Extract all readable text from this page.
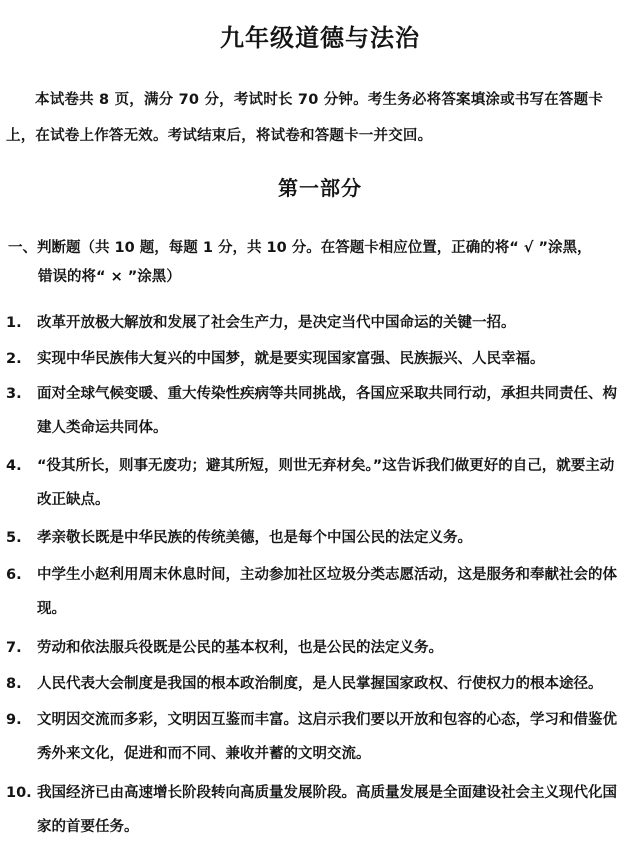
九年级道德与法治
本试卷共 8 页，满分 70 分，考试时长 70 分钟。考生务必将答案填涂或书写在答题卡上，在试卷上作答无效。考试结束后，将试卷和答题卡一并交回。
第一部分
一、判断题（共 10 题，每题 1 分，共 10 分。在答题卡相应位置，正确的将“ √ ”涂黑，
错误的将“ × ”涂黑）
1.	改革开放极大解放和发展了社会生产力，是决定当代中国命运的关键一招。
2.	实现中华民族伟大复兴的中国梦，就是要实现国家富强、民族振兴、人民幸福。
3.	面对全球气候变暖、重大传染性疾病等共同挑战，各国应采取共同行动，承担共同责任、构建人类命运共同体。
4.	“役其所长，则事无废功；避其所短，则世无弃材矣。”这告诉我们做更好的自己，就要主动改正缺点。
5.	孝亲敬长既是中华民族的传统美德，也是每个中国公民的法定义务。
6.	中学生小赵利用周末休息时间，主动参加社区垃圾分类志愿活动，这是服务和奉献社会的体现。
7.	劳动和依法服兵役既是公民的基本权利，也是公民的法定义务。
8.	人民代表大会制度是我国的根本政治制度，是人民掌握国家政权、行使权力的根本途径。
9.	文明因交流而多彩，文明因互鉴而丰富。这启示我们要以开放和包容的心态，学习和借鉴优秀外来文化，促进和而不同、兼收并蓄的文明交流。
10. 我国经济已由高速增长阶段转向高质量发展阶段。高质量发展是全面建设社会主义现代化国家的首要任务。
